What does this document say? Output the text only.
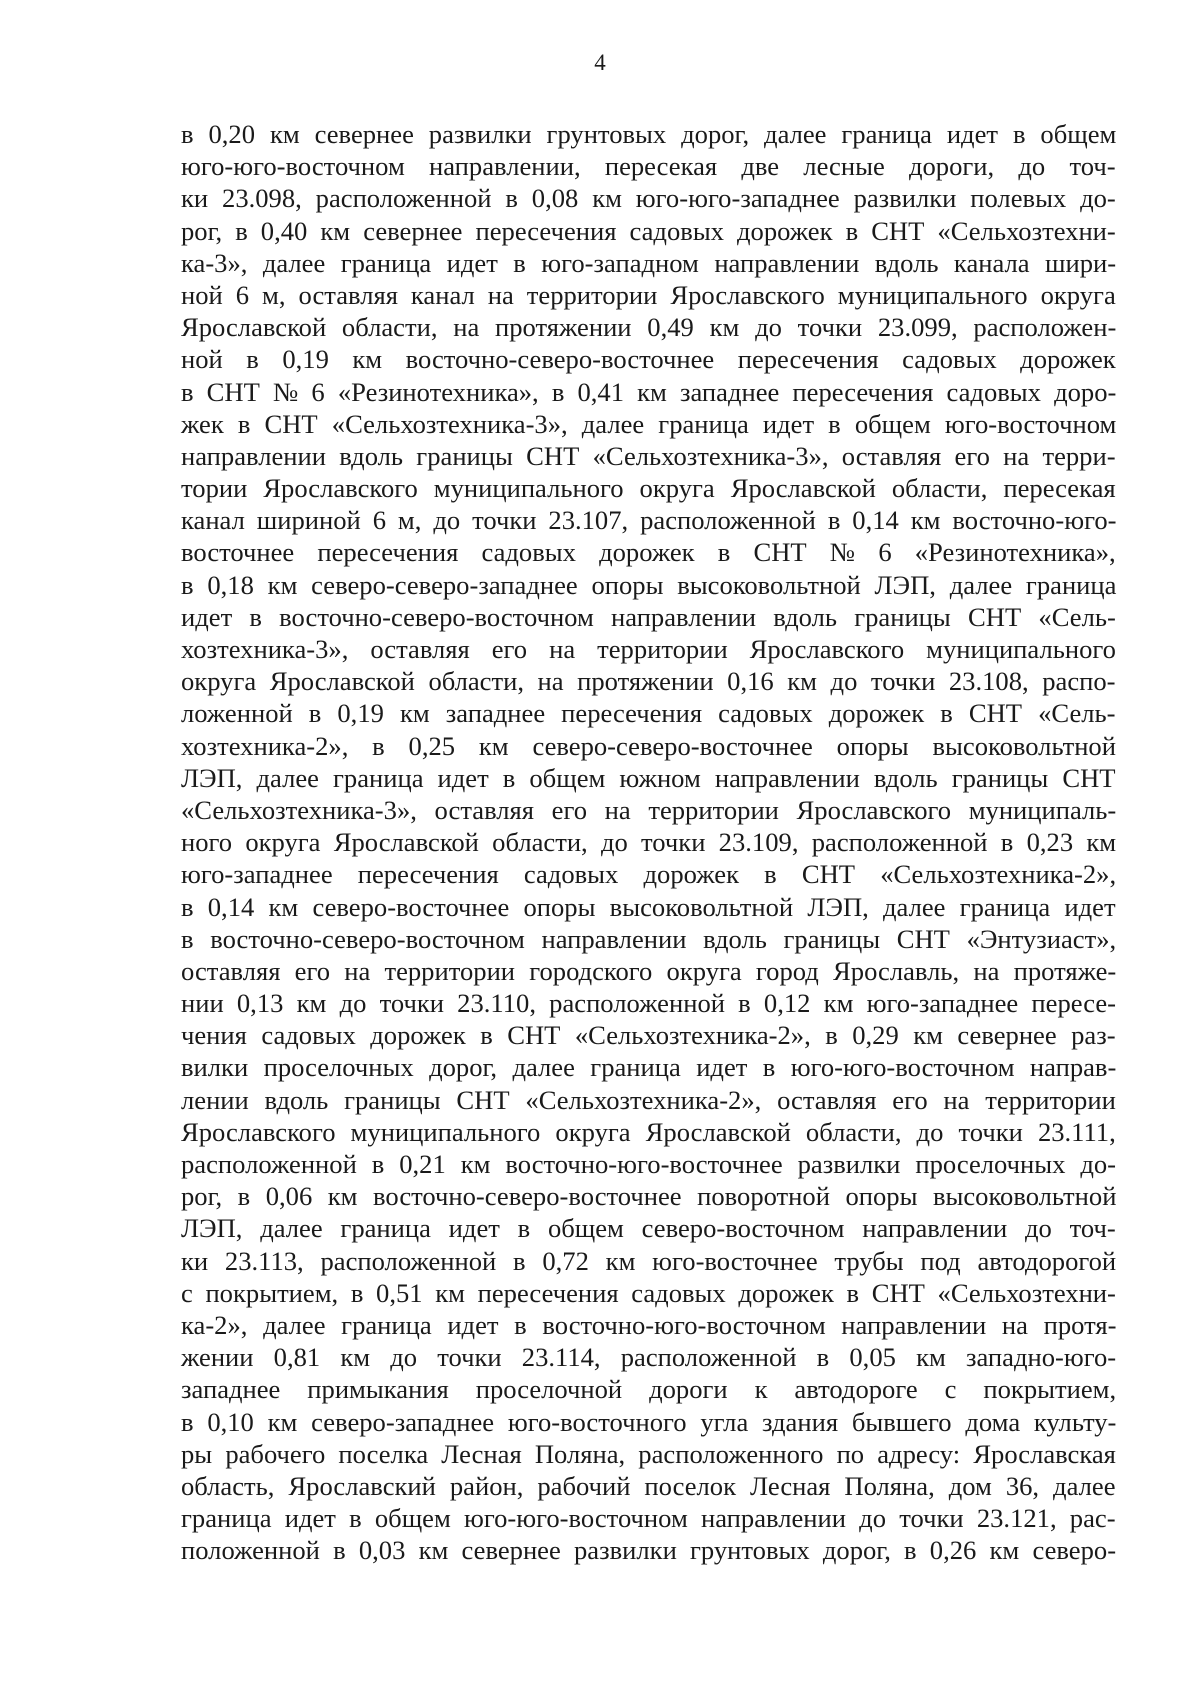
4
в 0,20 км севернее развилки грунтовых дорог, далее граница идет в общем
юго-юго-восточном направлении, пересекая две лесные дороги, до точ-
ки 23.098, расположенной в 0,08 км юго-юго-западнее развилки полевых до-
рог, в 0,40 км севернее пересечения садовых дорожек в СНТ «Сельхозтехни-
ка-3», далее граница идет в юго-западном направлении вдоль канала шири-
ной 6 м, оставляя канал на территории Ярославского муниципального округа
Ярославской области, на протяжении 0,49 км до точки 23.099, расположен-
ной в 0,19 км восточно-северо-восточнее пересечения садовых дорожек
в СНТ № 6 «Резинотехника», в 0,41 км западнее пересечения садовых доро-
жек в СНТ «Сельхозтехника-3», далее граница идет в общем юго-восточном
направлении вдоль границы СНТ «Сельхозтехника-3», оставляя его на терри-
тории Ярославского муниципального округа Ярославской области, пересекая
канал шириной 6 м, до точки 23.107, расположенной в 0,14 км восточно-юго-
восточнее пересечения садовых дорожек в СНТ № 6 «Резинотехника»,
в 0,18 км северо-северо-западнее опоры высоковольтной ЛЭП, далее граница
идет в восточно-северо-восточном направлении вдоль границы СНТ «Сель-
хозтехника-3», оставляя его на территории Ярославского муниципального
округа Ярославской области, на протяжении 0,16 км до точки 23.108, распо-
ложенной в 0,19 км западнее пересечения садовых дорожек в СНТ «Сель-
хозтехника-2», в 0,25 км северо-северо-восточнее опоры высоковольтной
ЛЭП, далее граница идет в общем южном направлении вдоль границы СНТ
«Сельхозтехника-3», оставляя его на территории Ярославского муниципаль-
ного округа Ярославской области, до точки 23.109, расположенной в 0,23 км
юго-западнее пересечения садовых дорожек в СНТ «Сельхозтехника-2»,
в 0,14 км северо-восточнее опоры высоковольтной ЛЭП, далее граница идет
в восточно-северо-восточном направлении вдоль границы СНТ «Энтузиаст»,
оставляя его на территории городского округа город Ярославль, на протяже-
нии 0,13 км до точки 23.110, расположенной в 0,12 км юго-западнее пересе-
чения садовых дорожек в СНТ «Сельхозтехника-2», в 0,29 км севернее раз-
вилки проселочных дорог, далее граница идет в юго-юго-восточном направ-
лении вдоль границы СНТ «Сельхозтехника-2», оставляя его на территории
Ярославского муниципального округа Ярославской области, до точки 23.111,
расположенной в 0,21 км восточно-юго-восточнее развилки проселочных до-
рог, в 0,06 км восточно-северо-восточнее поворотной опоры высоковольтной
ЛЭП, далее граница идет в общем северо-восточном направлении до точ-
ки 23.113, расположенной в 0,72 км юго-восточнее трубы под автодорогой
с покрытием, в 0,51 км пересечения садовых дорожек в СНТ «Сельхозтехни-
ка-2», далее граница идет в восточно-юго-восточном направлении на протя-
жении 0,81 км до точки 23.114, расположенной в 0,05 км западно-юго-
западнее примыкания проселочной дороги к автодороге с покрытием,
в 0,10 км северо-западнее юго-восточного угла здания бывшего дома культу-
ры рабочего поселка Лесная Поляна, расположенного по адресу: Ярославская
область, Ярославский район, рабочий поселок Лесная Поляна, дом 36, далее
граница идет в общем юго-юго-восточном направлении до точки 23.121, рас-
положенной в 0,03 км севернее развилки грунтовых дорог, в 0,26 км северо-
